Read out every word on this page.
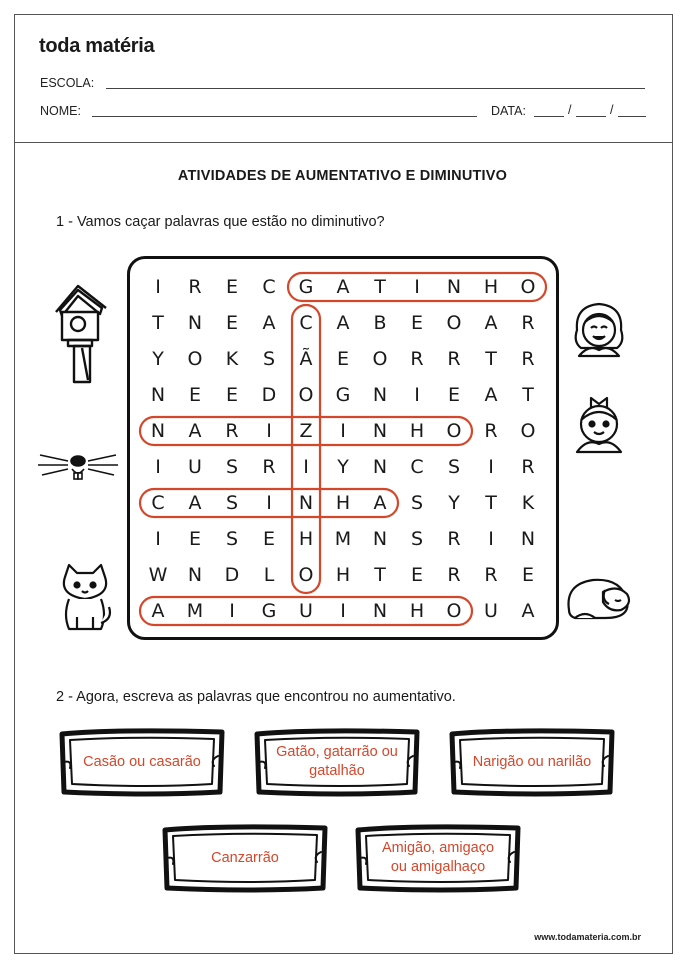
toda matéria
ESCOLA:
NOME:	DATA:	/	/
ATIVIDADES DE AUMENTATIVO E DIMINUTIVO
1 - Vamos caçar palavras que estão no diminutivo?
I R E C G A T I N H O
T N E A C A B E O A R
Y O K S Ã E O R R T R
N E E D O G N I E A T
N A R I Z I N H O R O
I U S R I Y N C S I R
C A S I N H A S Y T K
I E S E H M N S R I N
W N D L O H T E R R E
A M I G U I N H O U A
2 - Agora, escreva as palavras que encontrou no aumentativo.
Casão ou casarão
Gatão, gatarrão ou gatalhão
Narigão ou narilão
Canzarrão
Amigão, amigaço ou amigalhaço
www.todamateria.com.br
